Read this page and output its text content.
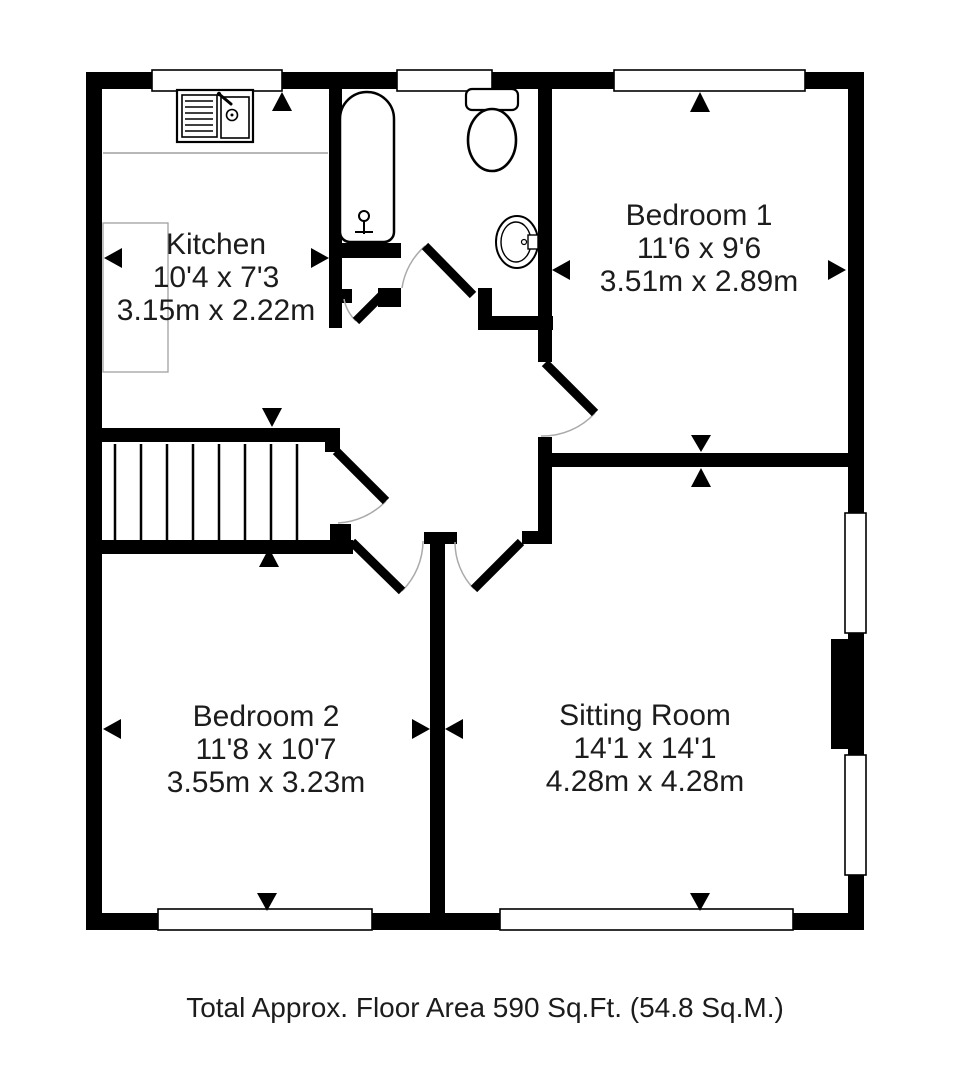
Kitchen
10'4 x 7'3
3.15m x 2.22m
Bedroom 1
11'6 x 9'6
3.51m x 2.89m
Bedroom 2
11'8 x 10'7
3.55m x 3.23m
Sitting Room
14'1 x 14'1
4.28m x 4.28m
Total Approx. Floor Area 590 Sq.Ft. (54.8 Sq.M.)
